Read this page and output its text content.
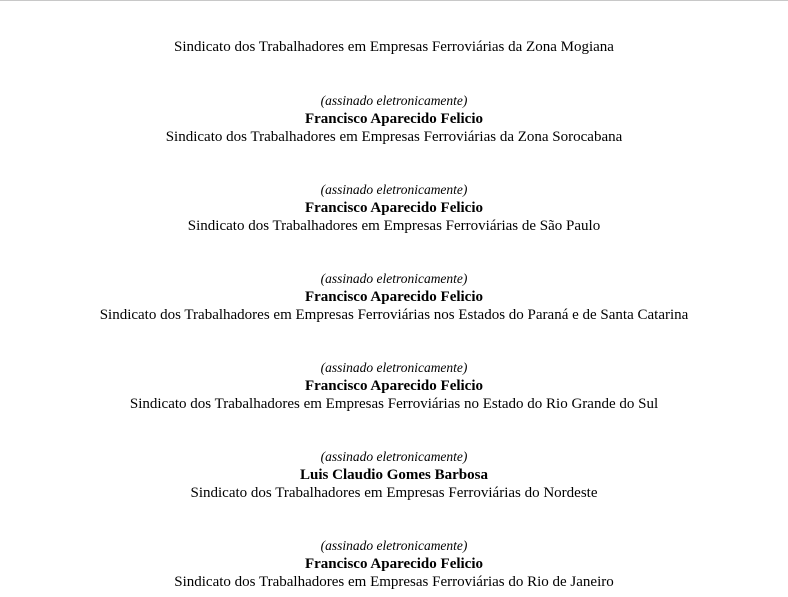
Sindicato dos Trabalhadores em Empresas Ferroviárias da Zona Mogiana
(assinado eletronicamente)
Francisco Aparecido Felicio
Sindicato dos Trabalhadores em Empresas Ferroviárias da Zona Sorocabana
(assinado eletronicamente)
Francisco Aparecido Felicio
Sindicato dos Trabalhadores em Empresas Ferroviárias de São Paulo
(assinado eletronicamente)
Francisco Aparecido Felicio
Sindicato dos Trabalhadores em Empresas Ferroviárias nos Estados do Paraná e de Santa Catarina
(assinado eletronicamente)
Francisco Aparecido Felicio
Sindicato dos Trabalhadores em Empresas Ferroviárias no Estado do Rio Grande do Sul
(assinado eletronicamente)
Luis Claudio Gomes Barbosa
Sindicato dos Trabalhadores em Empresas Ferroviárias do Nordeste
(assinado eletronicamente)
Francisco Aparecido Felicio
Sindicato dos Trabalhadores em Empresas Ferroviárias do Rio de Janeiro
